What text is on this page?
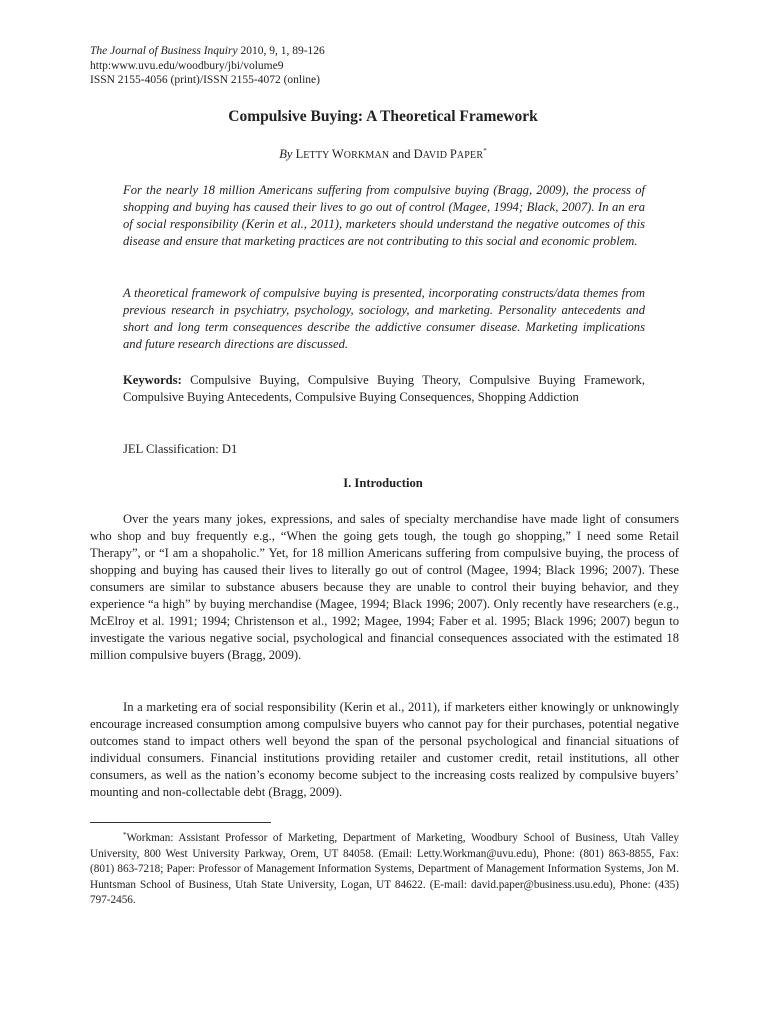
The Journal of Business Inquiry 2010, 9, 1, 89-126
http:www.uvu.edu/woodbury/jbi/volume9
ISSN 2155-4056 (print)/ISSN 2155-4072 (online)
Compulsive Buying: A Theoretical Framework
By LETTY WORKMAN and DAVID PAPER*
For the nearly 18 million Americans suffering from compulsive buying (Bragg, 2009), the process of shopping and buying has caused their lives to go out of control (Magee, 1994; Black, 2007). In an era of social responsibility (Kerin et al., 2011), marketers should understand the negative outcomes of this disease and ensure that marketing practices are not contributing to this social and economic problem.
A theoretical framework of compulsive buying is presented, incorporating constructs/data themes from previous research in psychiatry, psychology, sociology, and marketing. Personality antecedents and short and long term consequences describe the addictive consumer disease. Marketing implications and future research directions are discussed.
Keywords: Compulsive Buying, Compulsive Buying Theory, Compulsive Buying Framework, Compulsive Buying Antecedents, Compulsive Buying Consequences, Shopping Addiction
JEL Classification: D1
I. Introduction

Over the years many jokes, expressions, and sales of specialty merchandise have made light of consumers who shop and buy frequently e.g., “When the going gets tough, the tough go shopping,” I need some Retail Therapy”, or “I am a shopaholic.” Yet, for 18 million Americans suffering from compulsive buying, the process of shopping and buying has caused their lives to literally go out of control (Magee, 1994; Black 1996; 2007). These consumers are similar to substance abusers because they are unable to control their buying behavior, and they experience “a high” by buying merchandise (Magee, 1994; Black 1996; 2007). Only recently have researchers (e.g., McElroy et al. 1991; 1994; Christenson et al., 1992; Magee, 1994; Faber et al. 1995; Black 1996; 2007) begun to investigate the various negative social, psychological and financial consequences associated with the estimated 18 million compulsive buyers (Bragg, 2009).

In a marketing era of social responsibility (Kerin et al., 2011), if marketers either knowingly or unknowingly encourage increased consumption among compulsive buyers who cannot pay for their purchases, potential negative outcomes stand to impact others well beyond the span of the personal psychological and financial situations of individual consumers. Financial institutions providing retailer and customer credit, retail institutions, all other consumers, as well as the nation’s economy become subject to the increasing costs realized by compulsive buyers’ mounting and non-collectable debt (Bragg, 2009).

*Workman: Assistant Professor of Marketing, Department of Marketing, Woodbury School of Business, Utah Valley University, 800 West University Parkway, Orem, UT 84058. (Email: Letty.Workman@uvu.edu), Phone: (801) 863-8855, Fax: (801) 863-7218; Paper: Professor of Management Information Systems, Department of Management Information Systems, Jon M. Huntsman School of Business, Utah State University, Logan, UT 84622. (E-mail: david.paper@business.usu.edu), Phone: (435) 797-2456.
